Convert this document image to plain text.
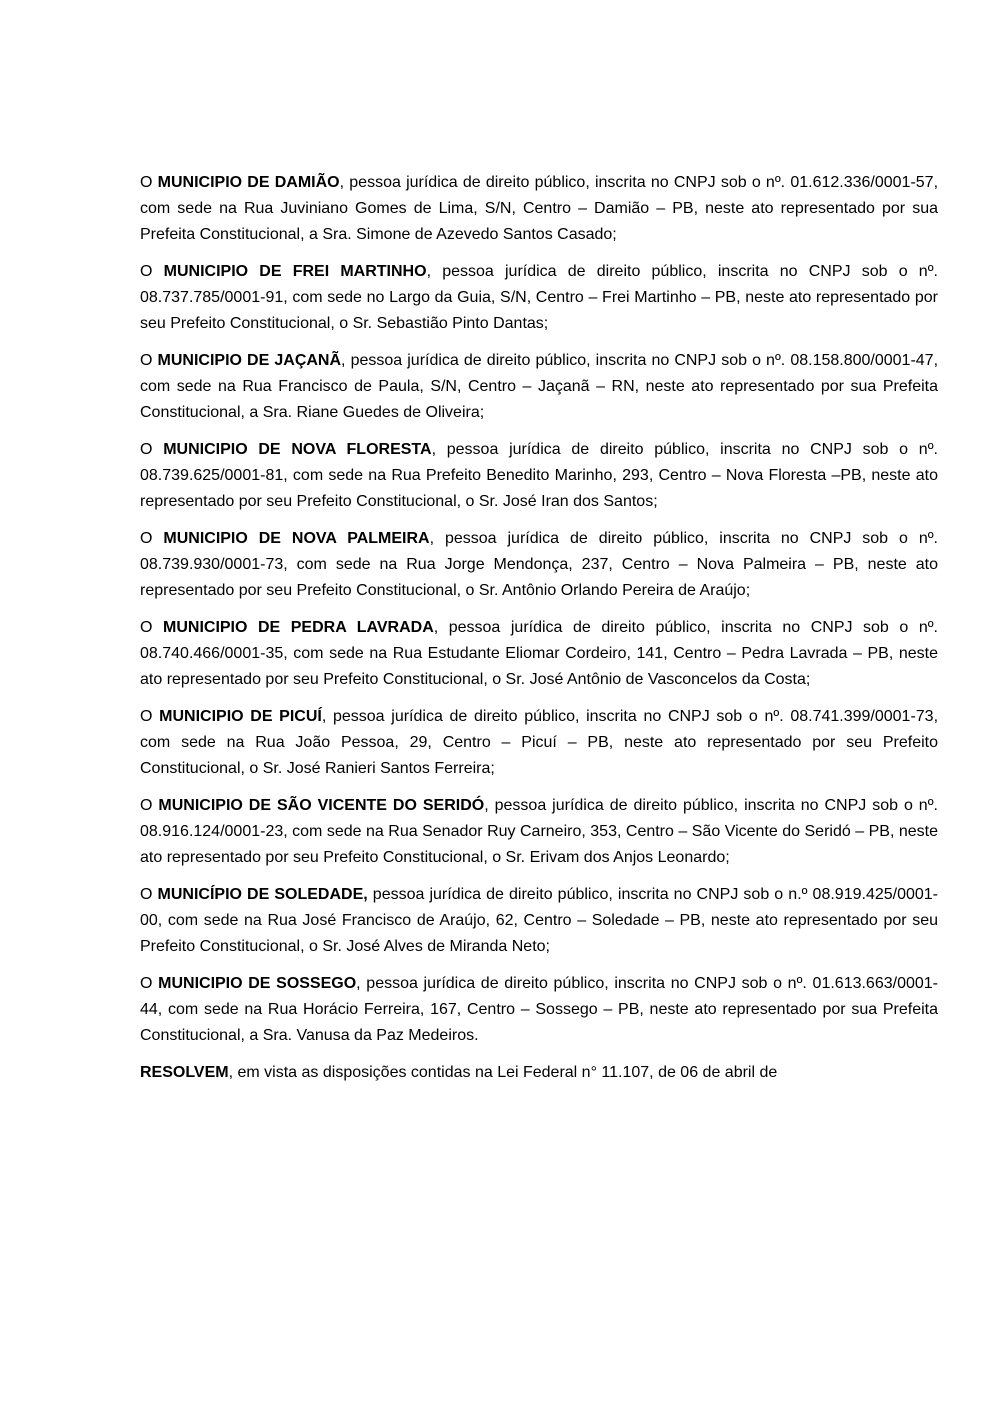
O MUNICIPIO DE DAMIÃO, pessoa jurídica de direito público, inscrita no CNPJ sob o nº. 01.612.336/0001-57, com sede na Rua Juviniano Gomes de Lima, S/N, Centro – Damião – PB, neste ato representado por sua Prefeita Constitucional, a Sra. Simone de Azevedo Santos Casado;

O MUNICIPIO DE FREI MARTINHO, pessoa jurídica de direito público, inscrita no CNPJ sob o nº. 08.737.785/0001-91, com sede no Largo da Guia, S/N, Centro – Frei Martinho – PB, neste ato representado por seu Prefeito Constitucional, o Sr. Sebastião Pinto Dantas;

O MUNICIPIO DE JAÇANÃ, pessoa jurídica de direito público, inscrita no CNPJ sob o nº. 08.158.800/0001-47, com sede na Rua Francisco de Paula, S/N, Centro – Jaçanã – RN, neste ato representado por sua Prefeita Constitucional, a Sra. Riane Guedes de Oliveira;

O MUNICIPIO DE NOVA FLORESTA, pessoa jurídica de direito público, inscrita no CNPJ sob o nº. 08.739.625/0001-81, com sede na Rua Prefeito Benedito Marinho, 293, Centro – Nova Floresta –PB, neste ato representado por seu Prefeito Constitucional, o Sr. José Iran dos Santos;

O MUNICIPIO DE NOVA PALMEIRA, pessoa jurídica de direito público, inscrita no CNPJ sob o nº. 08.739.930/0001-73, com sede na Rua Jorge Mendonça, 237, Centro – Nova Palmeira – PB, neste ato representado por seu Prefeito Constitucional, o Sr. Antônio Orlando Pereira de Araújo;

O MUNICIPIO DE PEDRA LAVRADA, pessoa jurídica de direito público, inscrita no CNPJ sob o nº. 08.740.466/0001-35, com sede na Rua Estudante Eliomar Cordeiro, 141, Centro – Pedra Lavrada – PB, neste ato representado por seu Prefeito Constitucional, o Sr. José Antônio de Vasconcelos da Costa;

O MUNICIPIO DE PICUÍ, pessoa jurídica de direito público, inscrita no CNPJ sob o nº. 08.741.399/0001-73, com sede na Rua João Pessoa, 29, Centro – Picuí – PB, neste ato representado por seu Prefeito Constitucional, o Sr. José Ranieri Santos Ferreira;

O MUNICIPIO DE SÃO VICENTE DO SERIDÓ, pessoa jurídica de direito público, inscrita no CNPJ sob o nº. 08.916.124/0001-23, com sede na Rua Senador Ruy Carneiro, 353, Centro – São Vicente do Seridó – PB, neste ato representado por seu Prefeito Constitucional, o Sr. Erivam dos Anjos Leonardo;

O MUNICÍPIO DE SOLEDADE, pessoa jurídica de direito público, inscrita no CNPJ sob o n.º 08.919.425/0001-00, com sede na Rua José Francisco de Araújo, 62, Centro – Soledade – PB, neste ato representado por seu Prefeito Constitucional, o Sr. José Alves de Miranda Neto;

O MUNICIPIO DE SOSSEGO, pessoa jurídica de direito público, inscrita no CNPJ sob o nº. 01.613.663/0001-44, com sede na Rua Horácio Ferreira, 167, Centro – Sossego – PB, neste ato representado por sua Prefeita Constitucional, a Sra. Vanusa da Paz Medeiros.

RESOLVEM, em vista as disposições contidas na Lei Federal n° 11.107, de 06 de abril de
